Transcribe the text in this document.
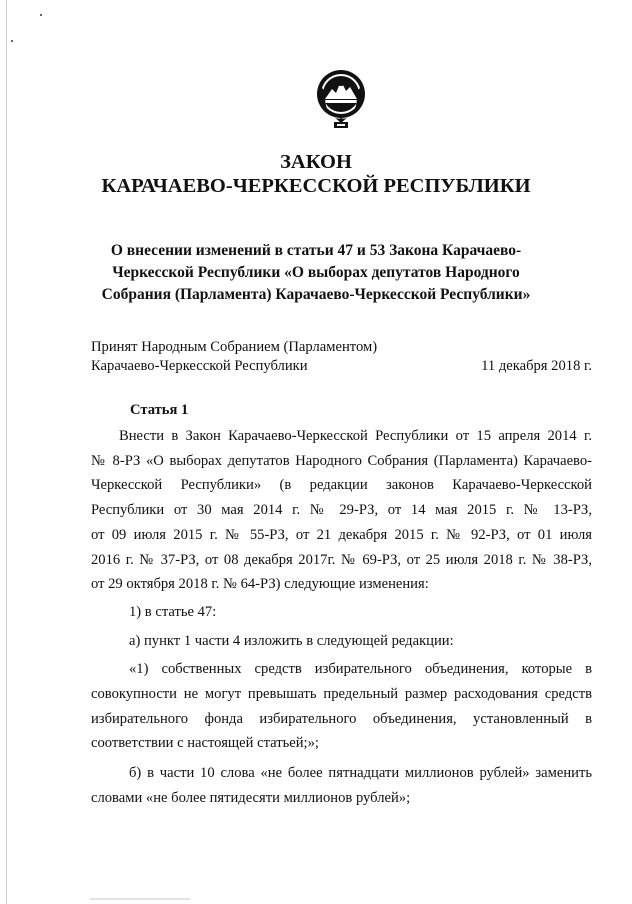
ЗАКОН
КАРАЧАЕВО-ЧЕРКЕССКОЙ РЕСПУБЛИКИ
О внесении изменений в статьи 47 и 53 Закона Карачаево-
Черкесской Республики «О выборах депутатов Народного
Собрания (Парламента) Карачаево-Черкесской Республики»
Принят Народным Собранием (Парламентом)
Карачаево-Черкесской Республики	11 декабря 2018 г.
Статья 1
Внести в Закон Карачаево-Черкесской Республики от 15 апреля 2014 г.
№ 8-РЗ «О выборах депутатов Народного Собрания (Парламента) Карачаево-
Черкесской Республики» (в редакции законов Карачаево-Черкесской
Республики от 30 мая 2014 г. № 29-РЗ, от 14 мая 2015 г. № 13-РЗ,
от 09 июля 2015 г. № 55-РЗ, от 21 декабря 2015 г. № 92-РЗ, от 01 июля
2016 г. № 37-РЗ, от 08 декабря 2017г. № 69-РЗ, от 25 июля 2018 г. № 38-РЗ,
от 29 октября 2018 г. № 64-РЗ) следующие изменения:
1) в статье 47:
а) пункт 1 части 4 изложить в следующей редакции:
«1) собственных средств избирательного объединения, которые в
совокупности не могут превышать предельный размер расходования средств
избирательного фонда избирательного объединения, установленный в
соответствии с настоящей статьей;»;
б) в части 10 слова «не более пятнадцати миллионов рублей» заменить
словами «не более пятидесяти миллионов рублей»;
